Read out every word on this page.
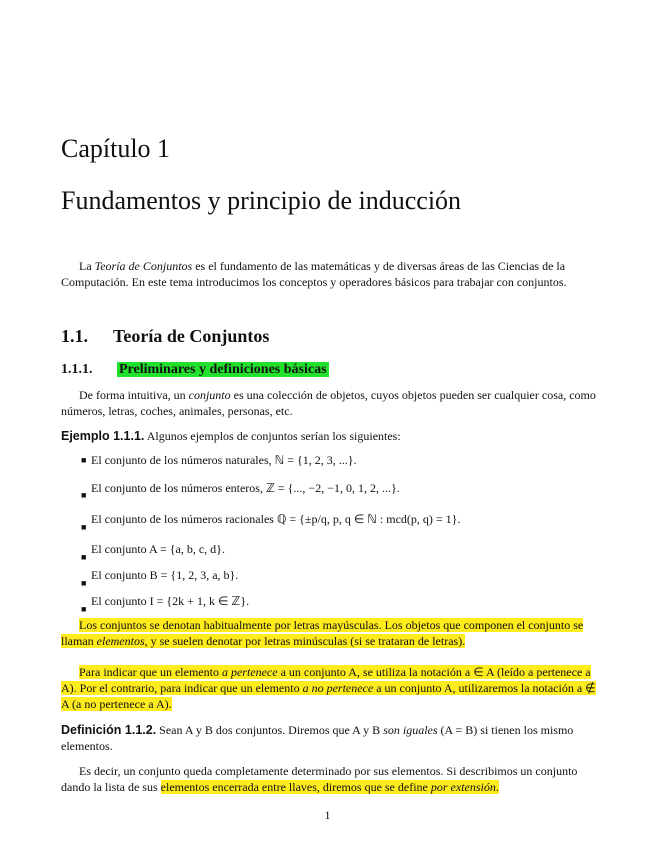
Capítulo 1
Fundamentos y principio de inducción
La Teoría de Conjuntos es el fundamento de las matemáticas y de diversas áreas de las Ciencias de la Computación. En este tema introducimos los conceptos y operadores básicos para trabajar con conjuntos.
1.1. Teoría de Conjuntos
1.1.1. Preliminares y definiciones básicas
De forma intuitiva, un conjunto es una colección de objetos, cuyos objetos pueden ser cualquier cosa, como números, letras, coches, animales, personas, etc.
Ejemplo 1.1.1. Algunos ejemplos de conjuntos serían los siguientes:
■ El conjunto de los números naturales, ℕ = {1, 2, 3, ...}.
■ El conjunto de los números enteros, ℤ = {..., −2, −1, 0, 1, 2, ...}.
■
El conjunto de los números racionales ℚ = {±p/q, p, q ∈ ℕ : mcd(p, q) = 1}.
■
El conjunto A = {a, b, c, d}.
■
El conjunto B = {1, 2, 3, a, b}.
■
El conjunto I = {2k + 1, k ∈ ℤ}.
Los conjuntos se denotan habitualmente por letras mayúsculas. Los objetos que componen el conjunto se llaman elementos, y se suelen denotar por letras minúsculas (si se trataran de letras).
Para indicar que un elemento a pertenece a un conjunto A, se utiliza la notación a ∈ A (leído a pertenece a A). Por el contrario, para indicar que un elemento a no pertenece a un conjunto A, utilizaremos la notación a ∉ A (a no pertenece a A).
Definición 1.1.2. Sean A y B dos conjuntos. Diremos que A y B son iguales (A = B) si tienen los mismo elementos.
Es decir, un conjunto queda completamente determinado por sus elementos. Si describimos un conjunto dando la lista de sus elementos encerrada entre llaves, diremos que se define por extensión.
1
